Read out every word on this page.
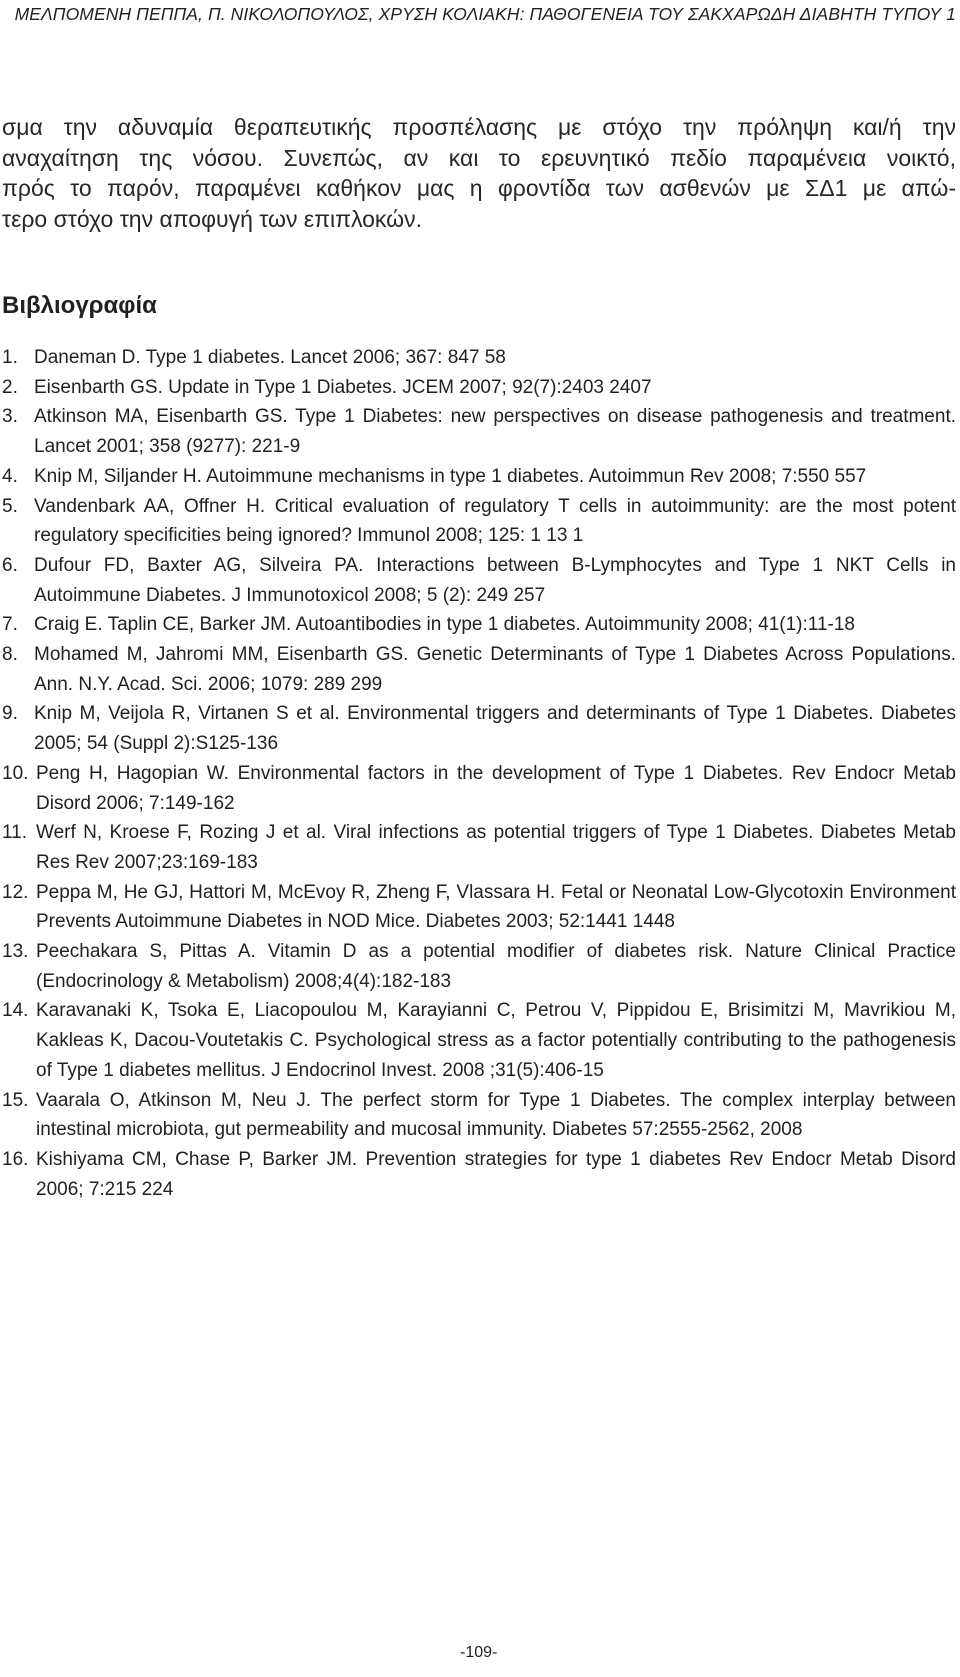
ΜΕΛΠΟΜΕΝΗ ΠΕΠΠΑ, Π. ΝΙΚΟΛΟΠΟΥΛΟΣ, ΧΡΥΣΗ ΚΟΛΙΑΚΗ: ΠΑΘΟΓΕΝΕΙΑ ΤΟΥ ΣΑΚΧΑΡΩΔΗ ΔΙΑΒΗΤΗ ΤΥΠΟΥ 1
σμα την αδυναμία θεραπευτικής προσπέλασης με στόχο την πρόληψη και/ή την
αναχαίτηση της νόσου. Συνεπώς, αν και το ερευνητικό πεδίο παραμένεια νοικτό,
πρός το παρόν, παραμένει καθήκον μας η φροντίδα των ασθενών με ΣΔ1 με απώ-
τερο στόχο την αποφυγή των επιπλοκών.
Βιβλιογραφία
1. Daneman D. Type 1 diabetes. Lancet 2006; 367: 847 58
2. Eisenbarth GS. Update in Type 1 Diabetes. JCEM 2007; 92(7):2403 2407
3. Atkinson MA, Eisenbarth GS. Type 1 Diabetes: new perspectives on disease pathogenesis and treatment. Lancet 2001; 358 (9277): 221-9
4. Knip M, Siljander H. Autoimmune mechanisms in type 1 diabetes. Autoimmun Rev 2008; 7:550 557
5. Vandenbark AA, Offner H. Critical evaluation of regulatory T cells in autoimmunity: are the most potent regulatory specificities being ignored? Immunol 2008; 125: 1 13 1
6. Dufour FD, Baxter AG, Silveira PA. Interactions between B-Lymphocytes and Type 1 NKT Cells in Autoimmune Diabetes. J Immunotoxicol 2008; 5 (2): 249 257
7. Craig E. Taplin CE, Barker JM. Autoantibodies in type 1 diabetes. Autoimmunity 2008; 41(1):11-18
8. Mohamed M, Jahromi MM, Eisenbarth GS. Genetic Determinants of Type 1 Diabetes Across Populations. Ann. N.Y. Acad. Sci. 2006; 1079: 289 299
9. Knip M, Veijola R, Virtanen S et al. Environmental triggers and determinants of Type 1 Diabetes. Diabetes 2005; 54 (Suppl 2):S125-136
10. Peng H, Hagopian W. Environmental factors in the development of Type 1 Diabetes. Rev Endocr Metab Disord 2006; 7:149-162
11. Werf N, Kroese F, Rozing J et al. Viral infections as potential triggers of Type 1 Diabetes. Diabetes Metab Res Rev 2007;23:169-183
12. Peppa M, He GJ, Hattori M, McEvoy R, Zheng F, Vlassara H. Fetal or Neonatal Low-Glycotoxin Environment Prevents Autoimmune Diabetes in NOD Mice. Diabetes 2003; 52:1441 1448
13. Peechakara S, Pittas A. Vitamin D as a potential modifier of diabetes risk. Nature Clinical Practice (Endocrinology & Metabolism) 2008;4(4):182-183
14. Karavanaki K, Tsoka E, Liacopoulou M, Karayianni C, Petrou V, Pippidou E, Brisimitzi M, Mavrikiou M, Kakleas K, Dacou-Voutetakis C. Psychological stress as a factor potentially contributing to the pathogenesis of Type 1 diabetes mellitus. J Endocrinol Invest. 2008 ;31(5):406-15
15. Vaarala O, Atkinson M, Neu J. The perfect storm for Type 1 Diabetes. The complex interplay between intestinal microbiota, gut permeability and mucosal immunity. Diabetes 57:2555-2562, 2008
16. Kishiyama CM, Chase P, Barker JM. Prevention strategies for type 1 diabetes Rev Endocr Metab Disord 2006; 7:215 224
-109-
